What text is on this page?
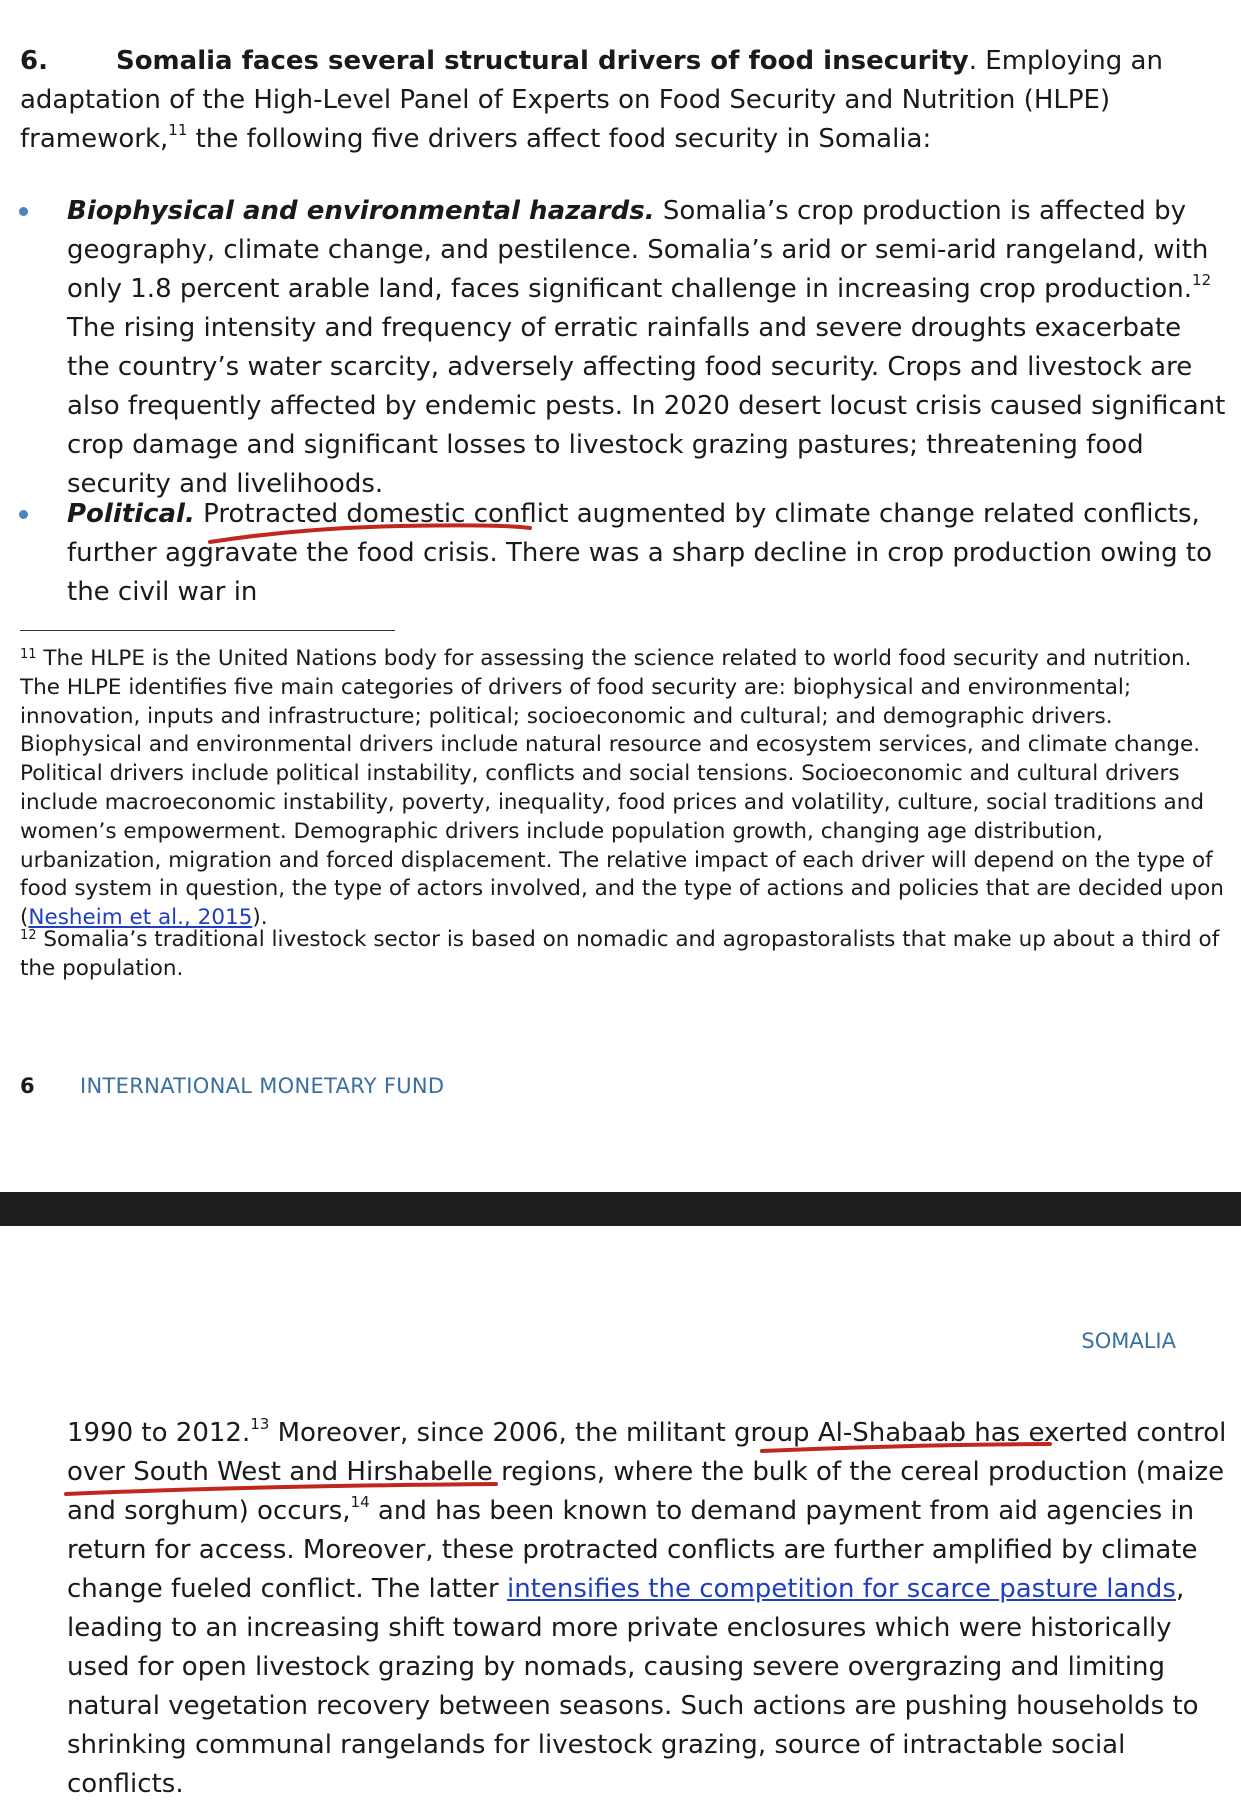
6.	Somalia faces several structural drivers of food insecurity. Employing an adaptation of the High-Level Panel of Experts on Food Security and Nutrition (HLPE) framework,$^{11}$ the following five drivers affect food security in Somalia:

Biophysical and environmental hazards. Somalia’s crop production is affected by geography, climate change, and pestilence. Somalia’s arid or semi-arid rangeland, with only 1.8 percent arable land, faces significant challenge in increasing crop production.$^{12}$ The rising intensity and frequency of erratic rainfalls and severe droughts exacerbate the country’s water scarcity, adversely affecting food security. Crops and livestock are also frequently affected by endemic pests. In 2020 desert locust crisis caused significant crop damage and significant losses to livestock grazing pastures; threatening food security and livelihoods.
Political. Protracted domestic conflict augmented by climate change related conflicts, further aggravate the food crisis. There was a sharp decline in crop production owing to the civil war in

$^{11}$ The HLPE is the United Nations body for assessing the science related to world food security and nutrition. The HLPE identifies five main categories of drivers of food security are: biophysical and environmental; innovation, inputs and infrastructure; political; socioeconomic and cultural; and demographic drivers. Biophysical and environmental drivers include natural resource and ecosystem services, and climate change. Political drivers include political instability, conflicts and social tensions. Socioeconomic and cultural drivers include macroeconomic instability, poverty, inequality, food prices and volatility, culture, social traditions and women’s empowerment. Demographic drivers include population growth, changing age distribution, urbanization, migration and forced displacement. The relative impact of each driver will depend on the type of food system in question, the type of actors involved, and the type of actions and policies that are decided upon (Nesheim et al., 2015).

$^{12}$ Somalia’s traditional livestock sector is based on nomadic and agropastoralists that make up about a third of the population.

6 INTERNATIONAL MONETARY FUND
SOMALIA

1990 to 2012.13 Moreover, since 2006, the militant group Al-Shabaab has exerted control over South West and Hirshabelle regions, where the bulk of the cereal production (maize and sorghum) occurs,$^{14}$ and has been known to demand payment from aid agencies in return for access. Moreover, these protracted conflicts are further amplified by climate change fueled conflict. The latter intensifies the competition for scarce pasture lands, leading to an increasing shift toward more private enclosures which were historically used for open livestock grazing by nomads, causing severe overgrazing and limiting natural vegetation recovery between seasons. Such actions are pushing households to shrinking communal rangelands for livestock grazing, source of intractable social conflicts.
